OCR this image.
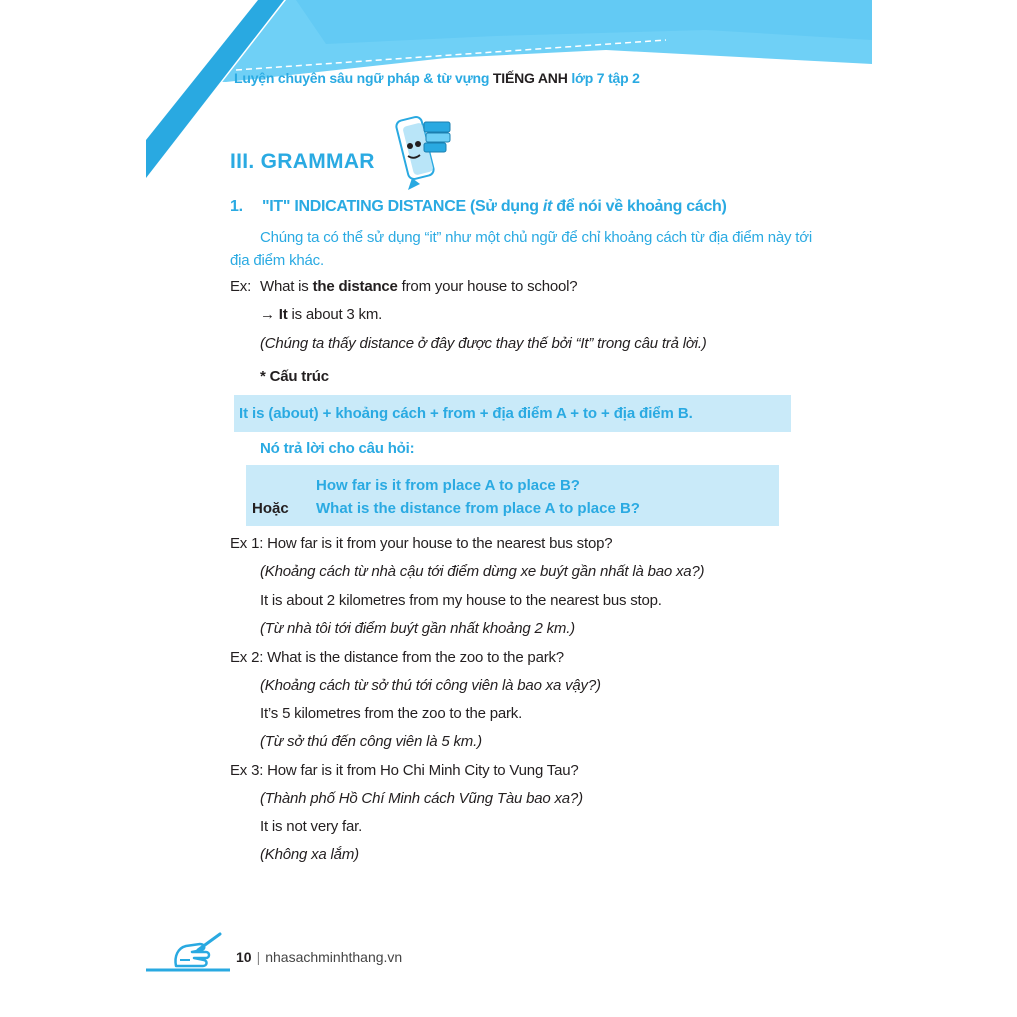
Luyện chuyên sâu ngữ pháp & từ vựng TIẾNG ANH lớp 7 tập 2
III. GRAMMAR
1. "IT" INDICATING DISTANCE (Sử dụng it để nói về khoảng cách)
Chúng ta có thể sử dụng “it” như một chủ ngữ để chỉ khoảng cách từ địa điểm này tới địa điểm khác.
Ex: What is the distance from your house to school?
→ It is about 3 km.
(Chúng ta thấy distance ở đây được thay thế bởi “It” trong câu trả lời.)
* Cấu trúc
It is (about) + khoảng cách + from + địa điểm A + to + địa điểm B.
Nó trả lời cho câu hỏi:
How far is it from place A to place B?
Hoặc What is the distance from place A to place B?
Ex 1: How far is it from your house to the nearest bus stop?
(Khoảng cách từ nhà cậu tới điểm dừng xe buýt gần nhất là bao xa?)
It is about 2 kilometres from my house to the nearest bus stop.
(Từ nhà tôi tới điểm buýt gần nhất khoảng 2 km.)
Ex 2: What is the distance from the zoo to the park?
(Khoảng cách từ sở thú tới công viên là bao xa vậy?)
It’s 5 kilometres from the zoo to the park.
(Từ sở thú đến công viên là 5 km.)
Ex 3: How far is it from Ho Chi Minh City to Vung Tau?
(Thành phố Hồ Chí Minh cách Vũng Tàu bao xa?)
It is not very far.
(Không xa lắm)
10 | nhasachminhthang.vn
